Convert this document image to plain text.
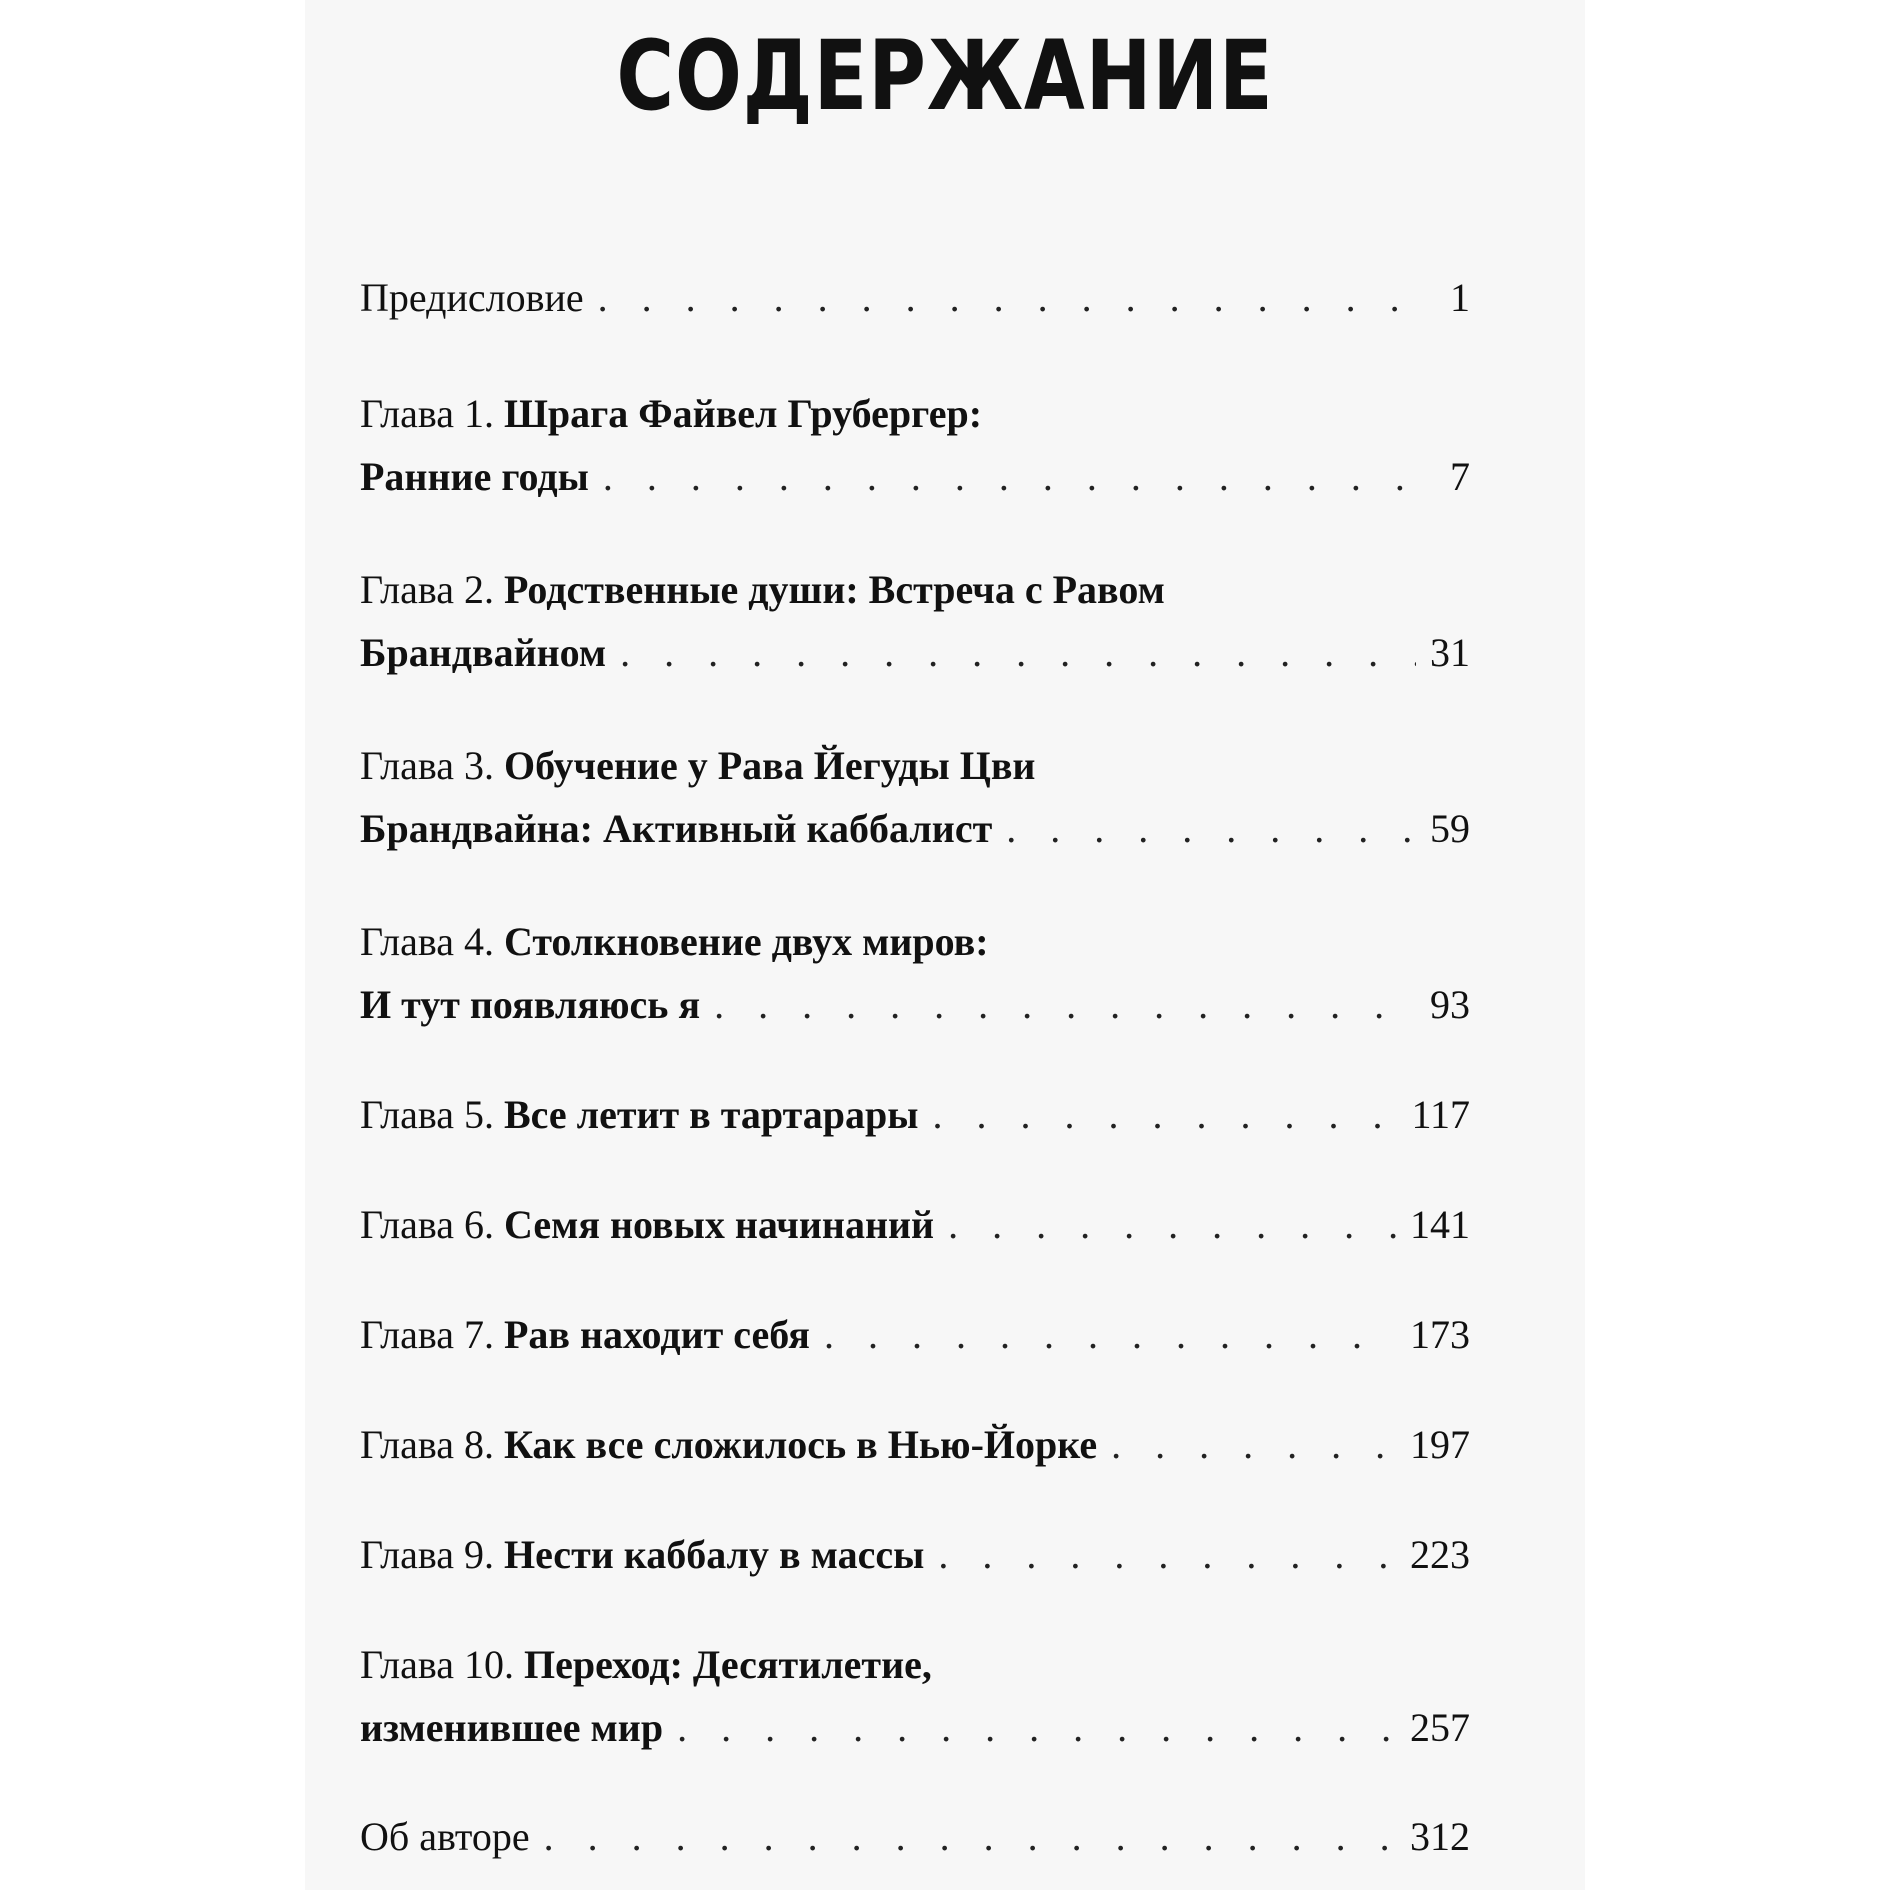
СОДЕРЖАНИЕ
Предисловие . . .	1
Глава 1. Шрага Файвел Грубергер:
Ранние годы . . .	7
Глава 2. Родственные души: Встреча с Равом
Брандвайном . . .	31
Глава 3. Обучение у Рава Йегуды Цви
Брандвайна: Активный каббалист . . .	59
Глава 4. Столкновение двух миров:
И тут появляюсь я . . .	93
Глава 5. Все летит в тартарары . . .	117
Глава 6. Семя новых начинаний . . .	141
Глава 7. Рав находит себя . . .	173
Глава 8. Как все сложилось в Нью-Йорке . . .	197
Глава 9. Нести каббалу в массы . . .	223
Глава 10. Переход: Десятилетие,
изменившее мир . . .	257
Об авторе . . .	312
